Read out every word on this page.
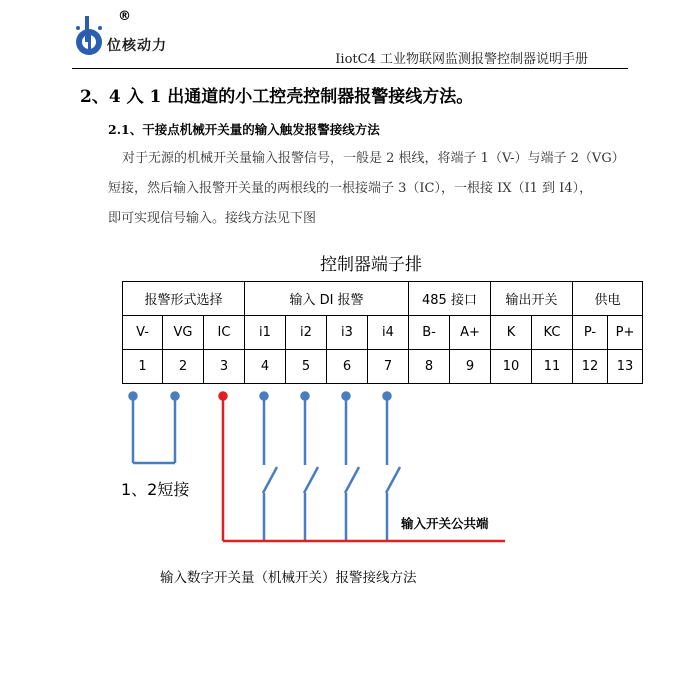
®
位核动力
IiotC4 工业物联网监测报警控制器说明手册
2、4 入 1 出通道的小工控壳控制器报警接线方法。
2.1、干接点机械开关量的输入触发报警接线方法
对于无源的机械开关量输入报警信号，一般是 2 根线，将端子 1（V-）与端子 2（VG）
短接，然后输入报警开关量的两根线的一根接端子 3（IC），一根接 IX（I1 到 I4），
即可实现信号输入。接线方法见下图
控制器端子排
报警形式选择			输入 DI 报警				485 接口		输出开关		供电	
V-	VG	IC	i1	i2	i3	i4	B-	A+	K	KC	P-	P+
1	2	3	4	5	6	7	8	9	10	11	12	13
1、2短接
输入开关公共端
输入数字开关量（机械开关）报警接线方法
